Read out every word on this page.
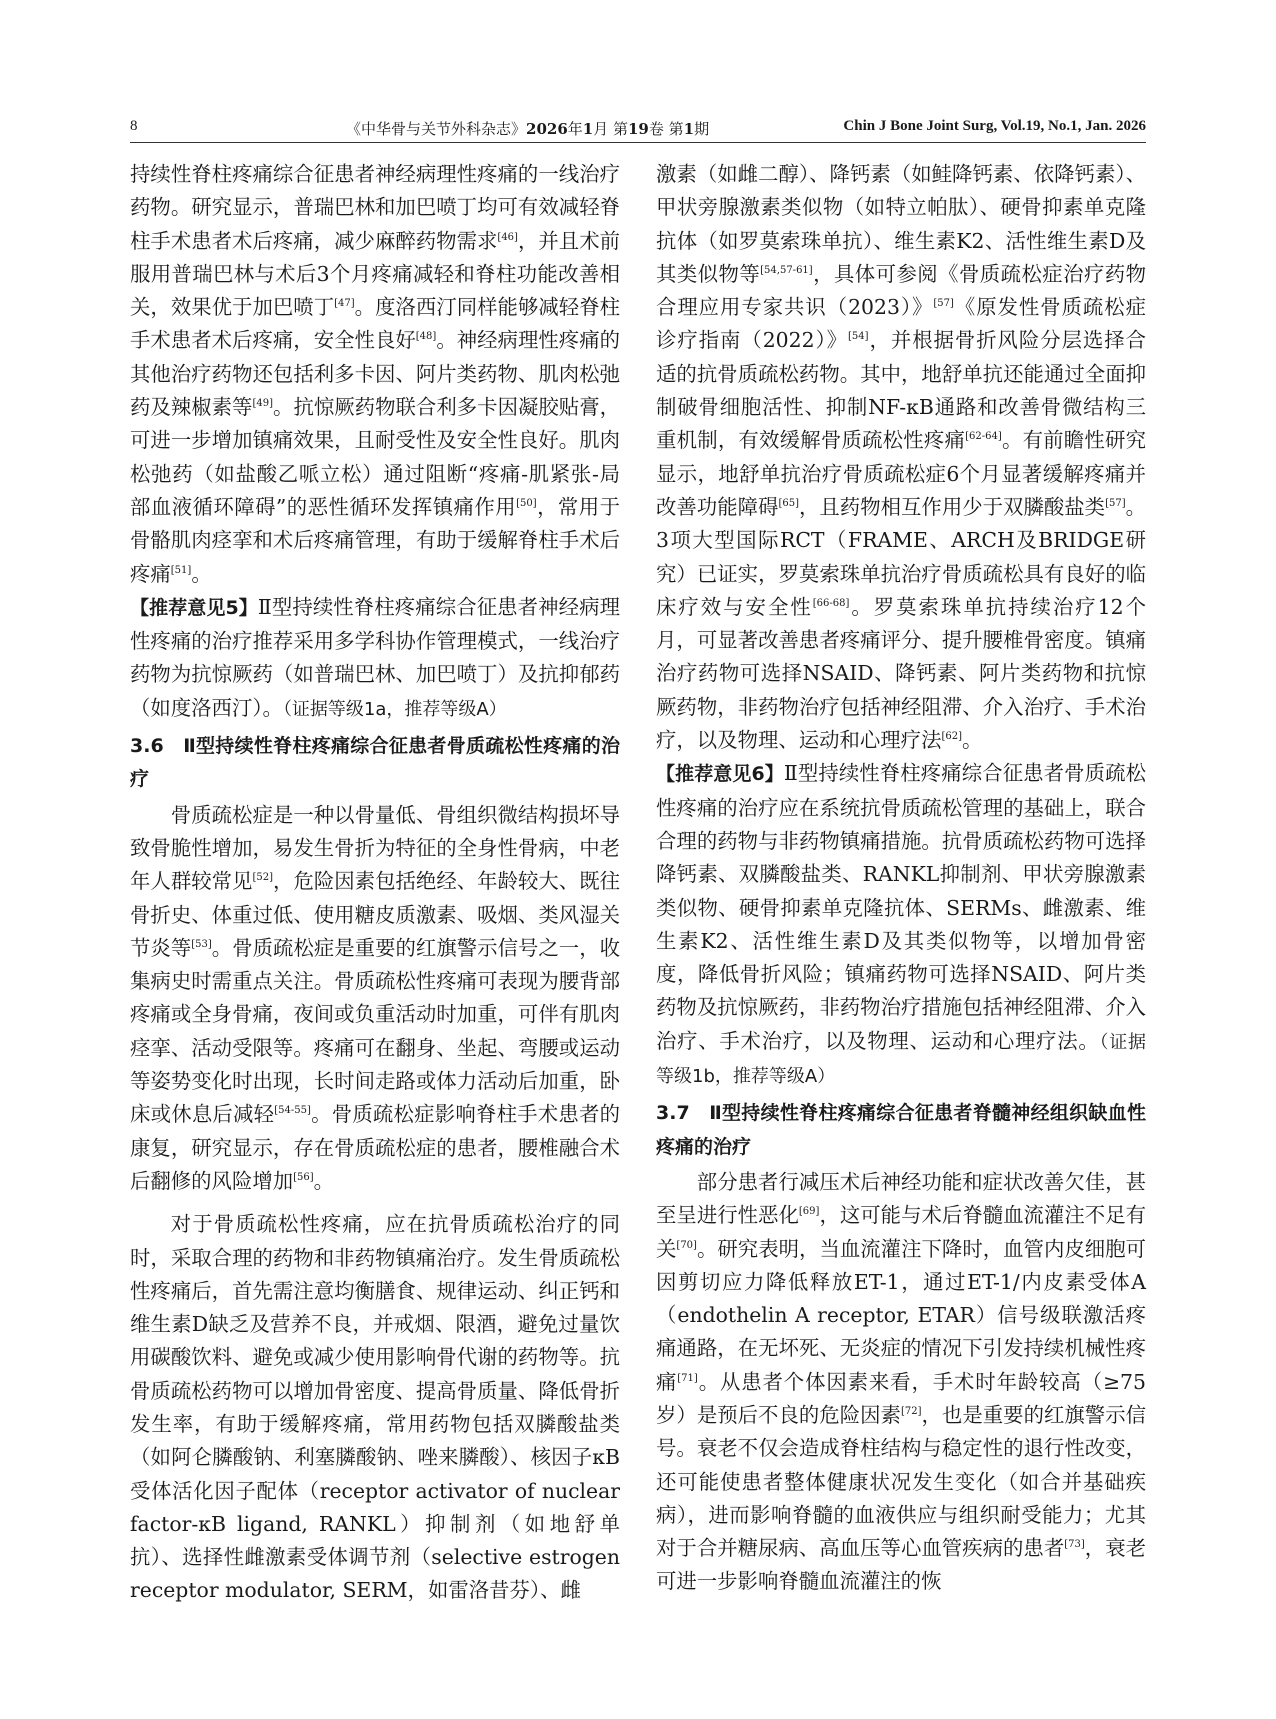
8	《中华骨与关节外科杂志》2026年1月 第19卷 第1期	Chin J Bone Joint Surg, Vol.19, No.1, Jan. 2026

持续性脊柱疼痛综合征患者神经病理性疼痛的一线治疗药物。研究显示，普瑞巴林和加巴喷丁均可有效减轻脊柱手术患者术后疼痛，减少麻醉药物需求[46]，并且术前服用普瑞巴林与术后3个月疼痛减轻和脊柱功能改善相关，效果优于加巴喷丁[47]。度洛西汀同样能够减轻脊柱手术患者术后疼痛，安全性良好[48]。神经病理性疼痛的其他治疗药物还包括利多卡因、阿片类药物、肌肉松弛药及辣椒素等[49]。抗惊厥药物联合利多卡因凝胶贴膏，可进一步增加镇痛效果，且耐受性及安全性良好。肌肉松弛药（如盐酸乙哌立松）通过阻断“疼痛-肌紧张-局部血液循环障碍”的恶性循环发挥镇痛作用[50]，常用于骨骼肌肉痉挛和术后疼痛管理，有助于缓解脊柱手术后疼痛[51]。

【推荐意见5】Ⅱ型持续性脊柱疼痛综合征患者神经病理性疼痛的治疗推荐采用多学科协作管理模式，一线治疗药物为抗惊厥药（如普瑞巴林、加巴喷丁）及抗抑郁药（如度洛西汀）。（证据等级1a，推荐等级A）

3.6　Ⅱ型持续性脊柱疼痛综合征患者骨质疏松性疼痛的治疗

骨质疏松症是一种以骨量低、骨组织微结构损坏导致骨脆性增加，易发生骨折为特征的全身性骨病，中老年人群较常见[52]，危险因素包括绝经、年龄较大、既往骨折史、体重过低、使用糖皮质激素、吸烟、类风湿关节炎等[53]。骨质疏松症是重要的红旗警示信号之一，收集病史时需重点关注。骨质疏松性疼痛可表现为腰背部疼痛或全身骨痛，夜间或负重活动时加重，可伴有肌肉痉挛、活动受限等。疼痛可在翻身、坐起、弯腰或运动等姿势变化时出现，长时间走路或体力活动后加重，卧床或休息后减轻[54-55]。骨质疏松症影响脊柱手术患者的康复，研究显示，存在骨质疏松症的患者，腰椎融合术后翻修的风险增加[56]。

对于骨质疏松性疼痛，应在抗骨质疏松治疗的同时，采取合理的药物和非药物镇痛治疗。发生骨质疏松性疼痛后，首先需注意均衡膳食、规律运动、纠正钙和维生素D缺乏及营养不良，并戒烟、限酒，避免过量饮用碳酸饮料、避免或减少使用影响骨代谢的药物等。抗骨质疏松药物可以增加骨密度、提高骨质量、降低骨折发生率，有助于缓解疼痛，常用药物包括双膦酸盐类（如阿仑膦酸钠、利塞膦酸钠、唑来膦酸）、核因子κB受体活化因子配体（receptor activator of nuclear factor-κB ligand, RANKL）抑制剂（如地舒单抗）、选择性雌激素受体调节剂（selective estrogen receptor modulator, SERM，如雷洛昔芬）、雌

激素（如雌二醇）、降钙素（如鲑降钙素、依降钙素）、甲状旁腺激素类似物（如特立帕肽）、硬骨抑素单克隆抗体（如罗莫索珠单抗）、维生素K2、活性维生素D及其类似物等[54,57-61]，具体可参阅《骨质疏松症治疗药物合理应用专家共识（2023）》[57]《原发性骨质疏松症诊疗指南（2022）》[54]，并根据骨折风险分层选择合适的抗骨质疏松药物。其中，地舒单抗还能通过全面抑制破骨细胞活性、抑制NF-κB通路和改善骨微结构三重机制，有效缓解骨质疏松性疼痛[62-64]。有前瞻性研究显示，地舒单抗治疗骨质疏松症6个月显著缓解疼痛并改善功能障碍[65]，且药物相互作用少于双膦酸盐类[57]。3项大型国际RCT（FRAME、ARCH及BRIDGE研究）已证实，罗莫索珠单抗治疗骨质疏松具有良好的临床疗效与安全性[66-68]。罗莫索珠单抗持续治疗12个月，可显著改善患者疼痛评分、提升腰椎骨密度。镇痛治疗药物可选择NSAID、降钙素、阿片类药物和抗惊厥药物，非药物治疗包括神经阻滞、介入治疗、手术治疗，以及物理、运动和心理疗法[62]。

【推荐意见6】Ⅱ型持续性脊柱疼痛综合征患者骨质疏松性疼痛的治疗应在系统抗骨质疏松管理的基础上，联合合理的药物与非药物镇痛措施。抗骨质疏松药物可选择降钙素、双膦酸盐类、RANKL抑制剂、甲状旁腺激素类似物、硬骨抑素单克隆抗体、SERMs、雌激素、维生素K2、活性维生素D及其类似物等，以增加骨密度，降低骨折风险；镇痛药物可选择NSAID、阿片类药物及抗惊厥药，非药物治疗措施包括神经阻滞、介入治疗、手术治疗，以及物理、运动和心理疗法。（证据等级1b，推荐等级A）

3.7　Ⅱ型持续性脊柱疼痛综合征患者脊髓神经组织缺血性疼痛的治疗

部分患者行减压术后神经功能和症状改善欠佳，甚至呈进行性恶化[69]，这可能与术后脊髓血流灌注不足有关[70]。研究表明，当血流灌注下降时，血管内皮细胞可因剪切应力降低释放ET-1，通过ET-1/内皮素受体A（endothelin A receptor, ETAR）信号级联激活疼痛通路，在无坏死、无炎症的情况下引发持续机械性疼痛[71]。从患者个体因素来看，手术时年龄较高（≥75岁）是预后不良的危险因素[72]，也是重要的红旗警示信号。衰老不仅会造成脊柱结构与稳定性的退行性改变，还可能使患者整体健康状况发生变化（如合并基础疾病），进而影响脊髓的血液供应与组织耐受能力；尤其对于合并糖尿病、高血压等心血管疾病的患者[73]，衰老可进一步影响脊髓血流灌注的恢
